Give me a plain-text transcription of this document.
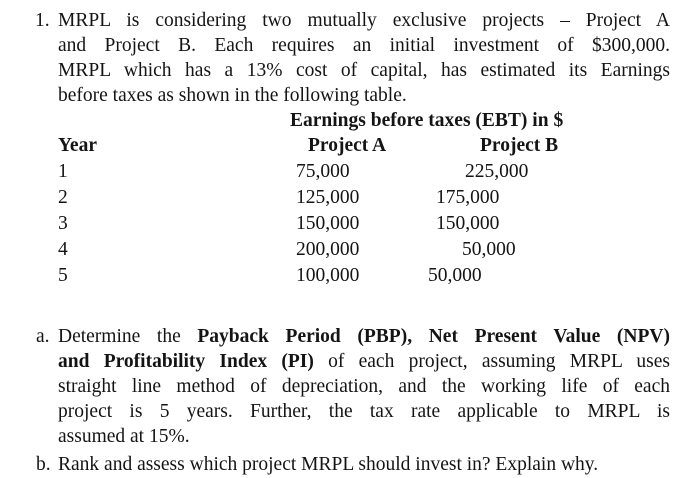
1. MRPL is considering two mutually exclusive projects – Project A
and Project B. Each requires an initial investment of $300,000.
MRPL which has a 13% cost of capital, has estimated its Earnings
before taxes as shown in the following table.
Earnings before taxes (EBT) in $
Year	Project A	Project B
1	75,000	225,000
2	125,000	175,000
3	150,000	150,000
4	200,000	50,000
5	100,000	50,000
a. Determine the Payback Period (PBP), Net Present Value (NPV)
and Profitability Index (PI) of each project, assuming MRPL uses
straight line method of depreciation, and the working life of each
project is 5 years. Further, the tax rate applicable to MRPL is
assumed at 15%.
b. Rank and assess which project MRPL should invest in? Explain why.
